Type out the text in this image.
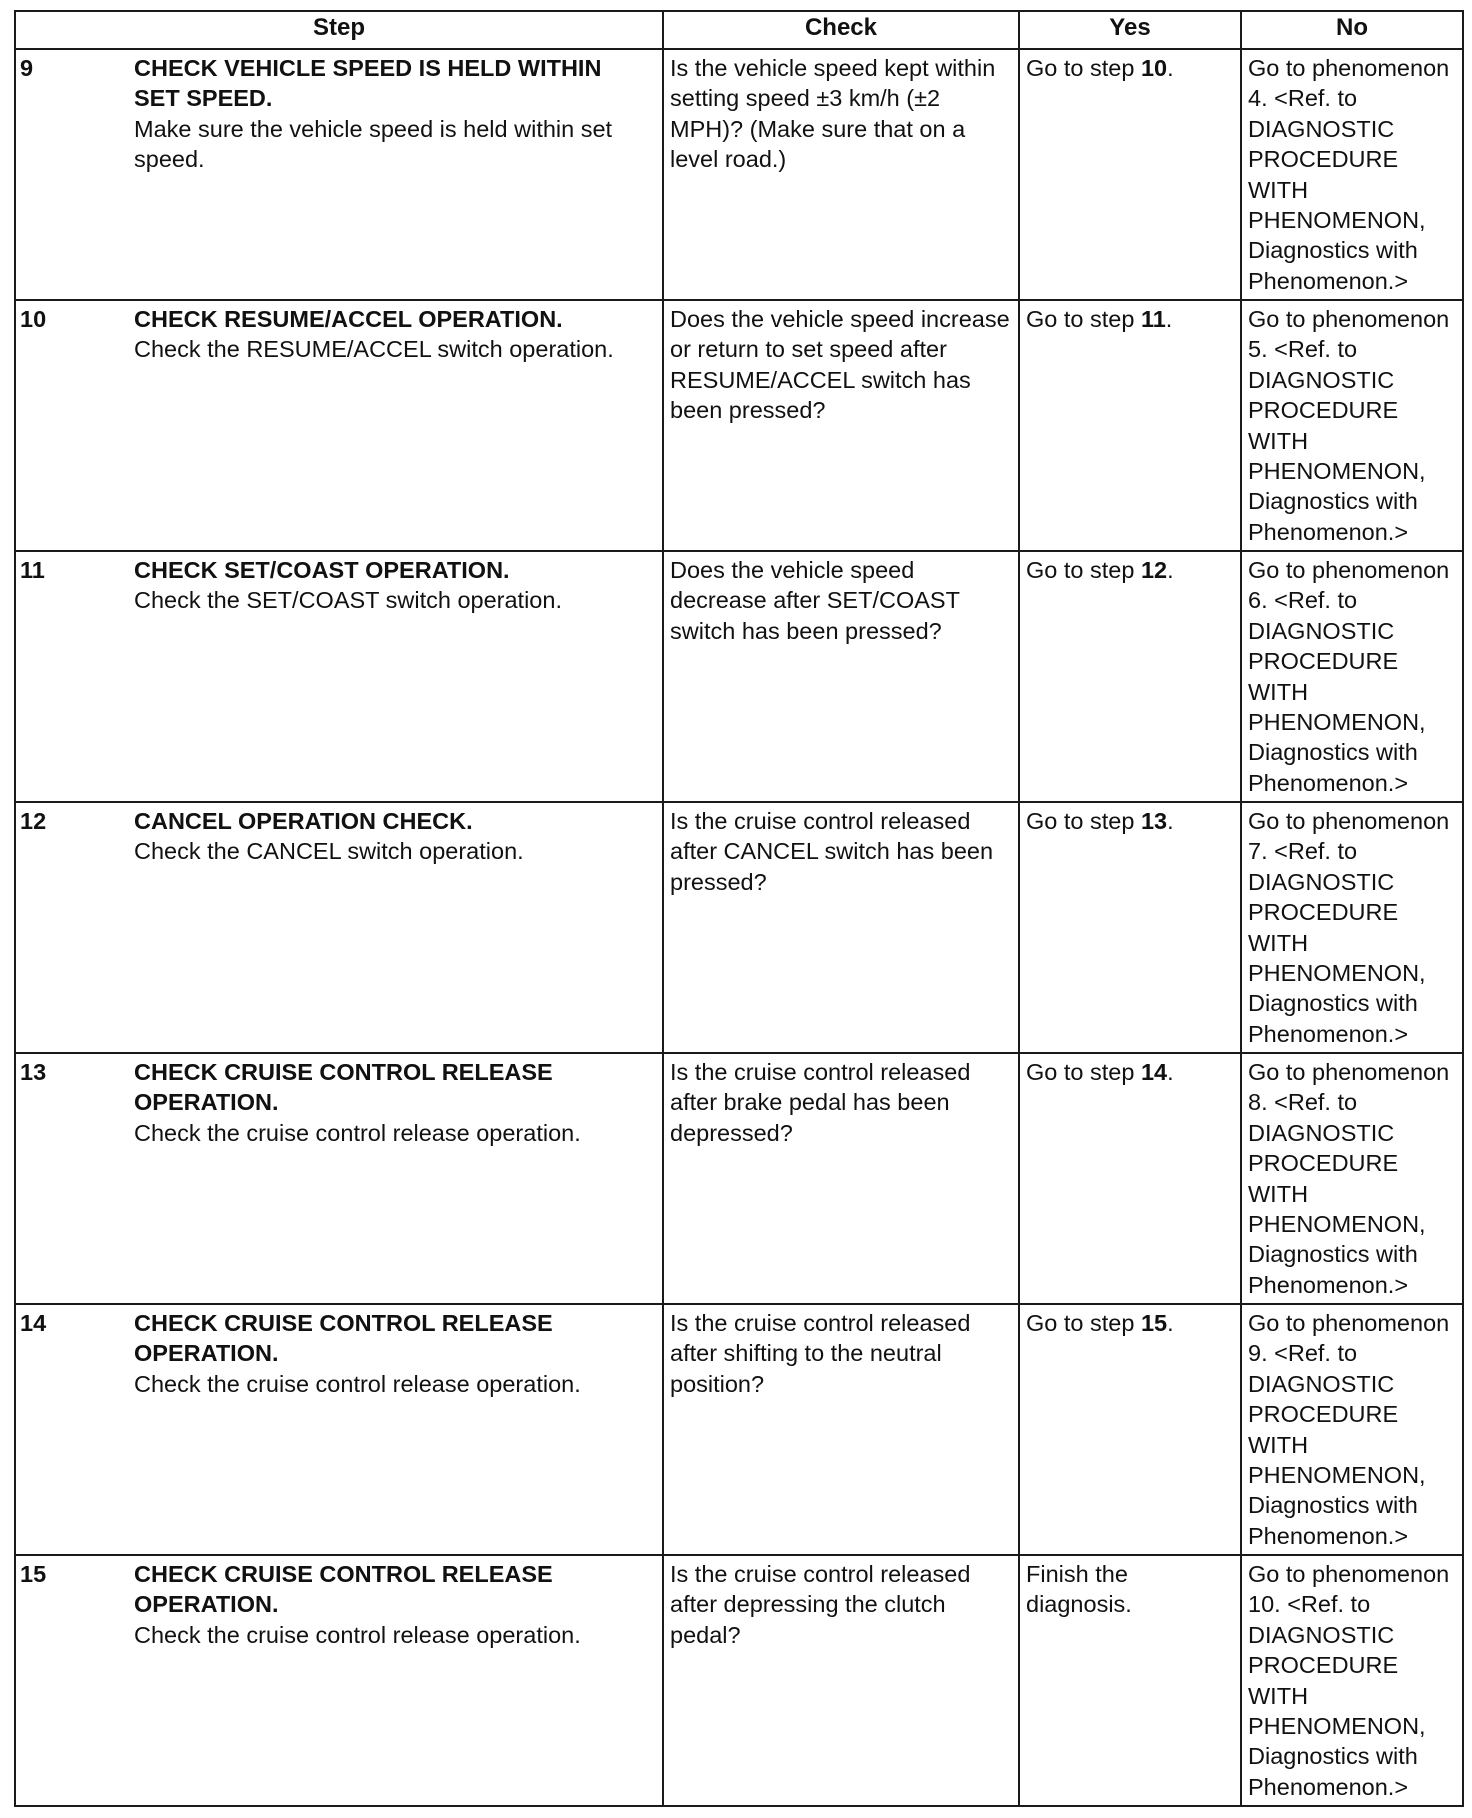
Step	Check	Yes	No

9 CHECK VEHICLE SPEED IS HELD WITHIN SET SPEED.
Make sure the vehicle speed is held within set speed.	Is the vehicle speed kept within setting speed ±3 km/h (±2 MPH)? (Make sure that on a level road.)	Go to step 10.	Go to phenomenon 4. <Ref. to DIAGNOSTIC PROCEDURE WITH PHENOMENON, Diagnostics with Phenomenon.>

10 CHECK RESUME/ACCEL OPERATION.
Check the RESUME/ACCEL switch operation.	Does the vehicle speed increase or return to set speed after RESUME/ACCEL switch has been pressed?	Go to step 11.	Go to phenomenon 5. <Ref. to DIAGNOSTIC PROCEDURE WITH PHENOMENON, Diagnostics with Phenomenon.>

11 CHECK SET/COAST OPERATION.
Check the SET/COAST switch operation.	Does the vehicle speed decrease after SET/COAST switch has been pressed?	Go to step 12.	Go to phenomenon 6. <Ref. to DIAGNOSTIC PROCEDURE WITH PHENOMENON, Diagnostics with Phenomenon.>

12 CANCEL OPERATION CHECK.
Check the CANCEL switch operation.	Is the cruise control released after CANCEL switch has been pressed?	Go to step 13.	Go to phenomenon 7. <Ref. to DIAGNOSTIC PROCEDURE WITH PHENOMENON, Diagnostics with Phenomenon.>

13 CHECK CRUISE CONTROL RELEASE OPERATION.
Check the cruise control release operation.	Is the cruise control released after brake pedal has been depressed?	Go to step 14.	Go to phenomenon 8. <Ref. to DIAGNOSTIC PROCEDURE WITH PHENOMENON, Diagnostics with Phenomenon.>

14 CHECK CRUISE CONTROL RELEASE OPERATION.
Check the cruise control release operation.	Is the cruise control released after shifting to the neutral position?	Go to step 15.	Go to phenomenon 9. <Ref. to DIAGNOSTIC PROCEDURE WITH PHENOMENON, Diagnostics with Phenomenon.>

15 CHECK CRUISE CONTROL RELEASE OPERATION.
Check the cruise control release operation.	Is the cruise control released after depressing the clutch pedal?	Finish the diagnosis.	Go to phenomenon 10. <Ref. to DIAGNOSTIC PROCEDURE WITH PHENOMENON, Diagnostics with Phenomenon.>
